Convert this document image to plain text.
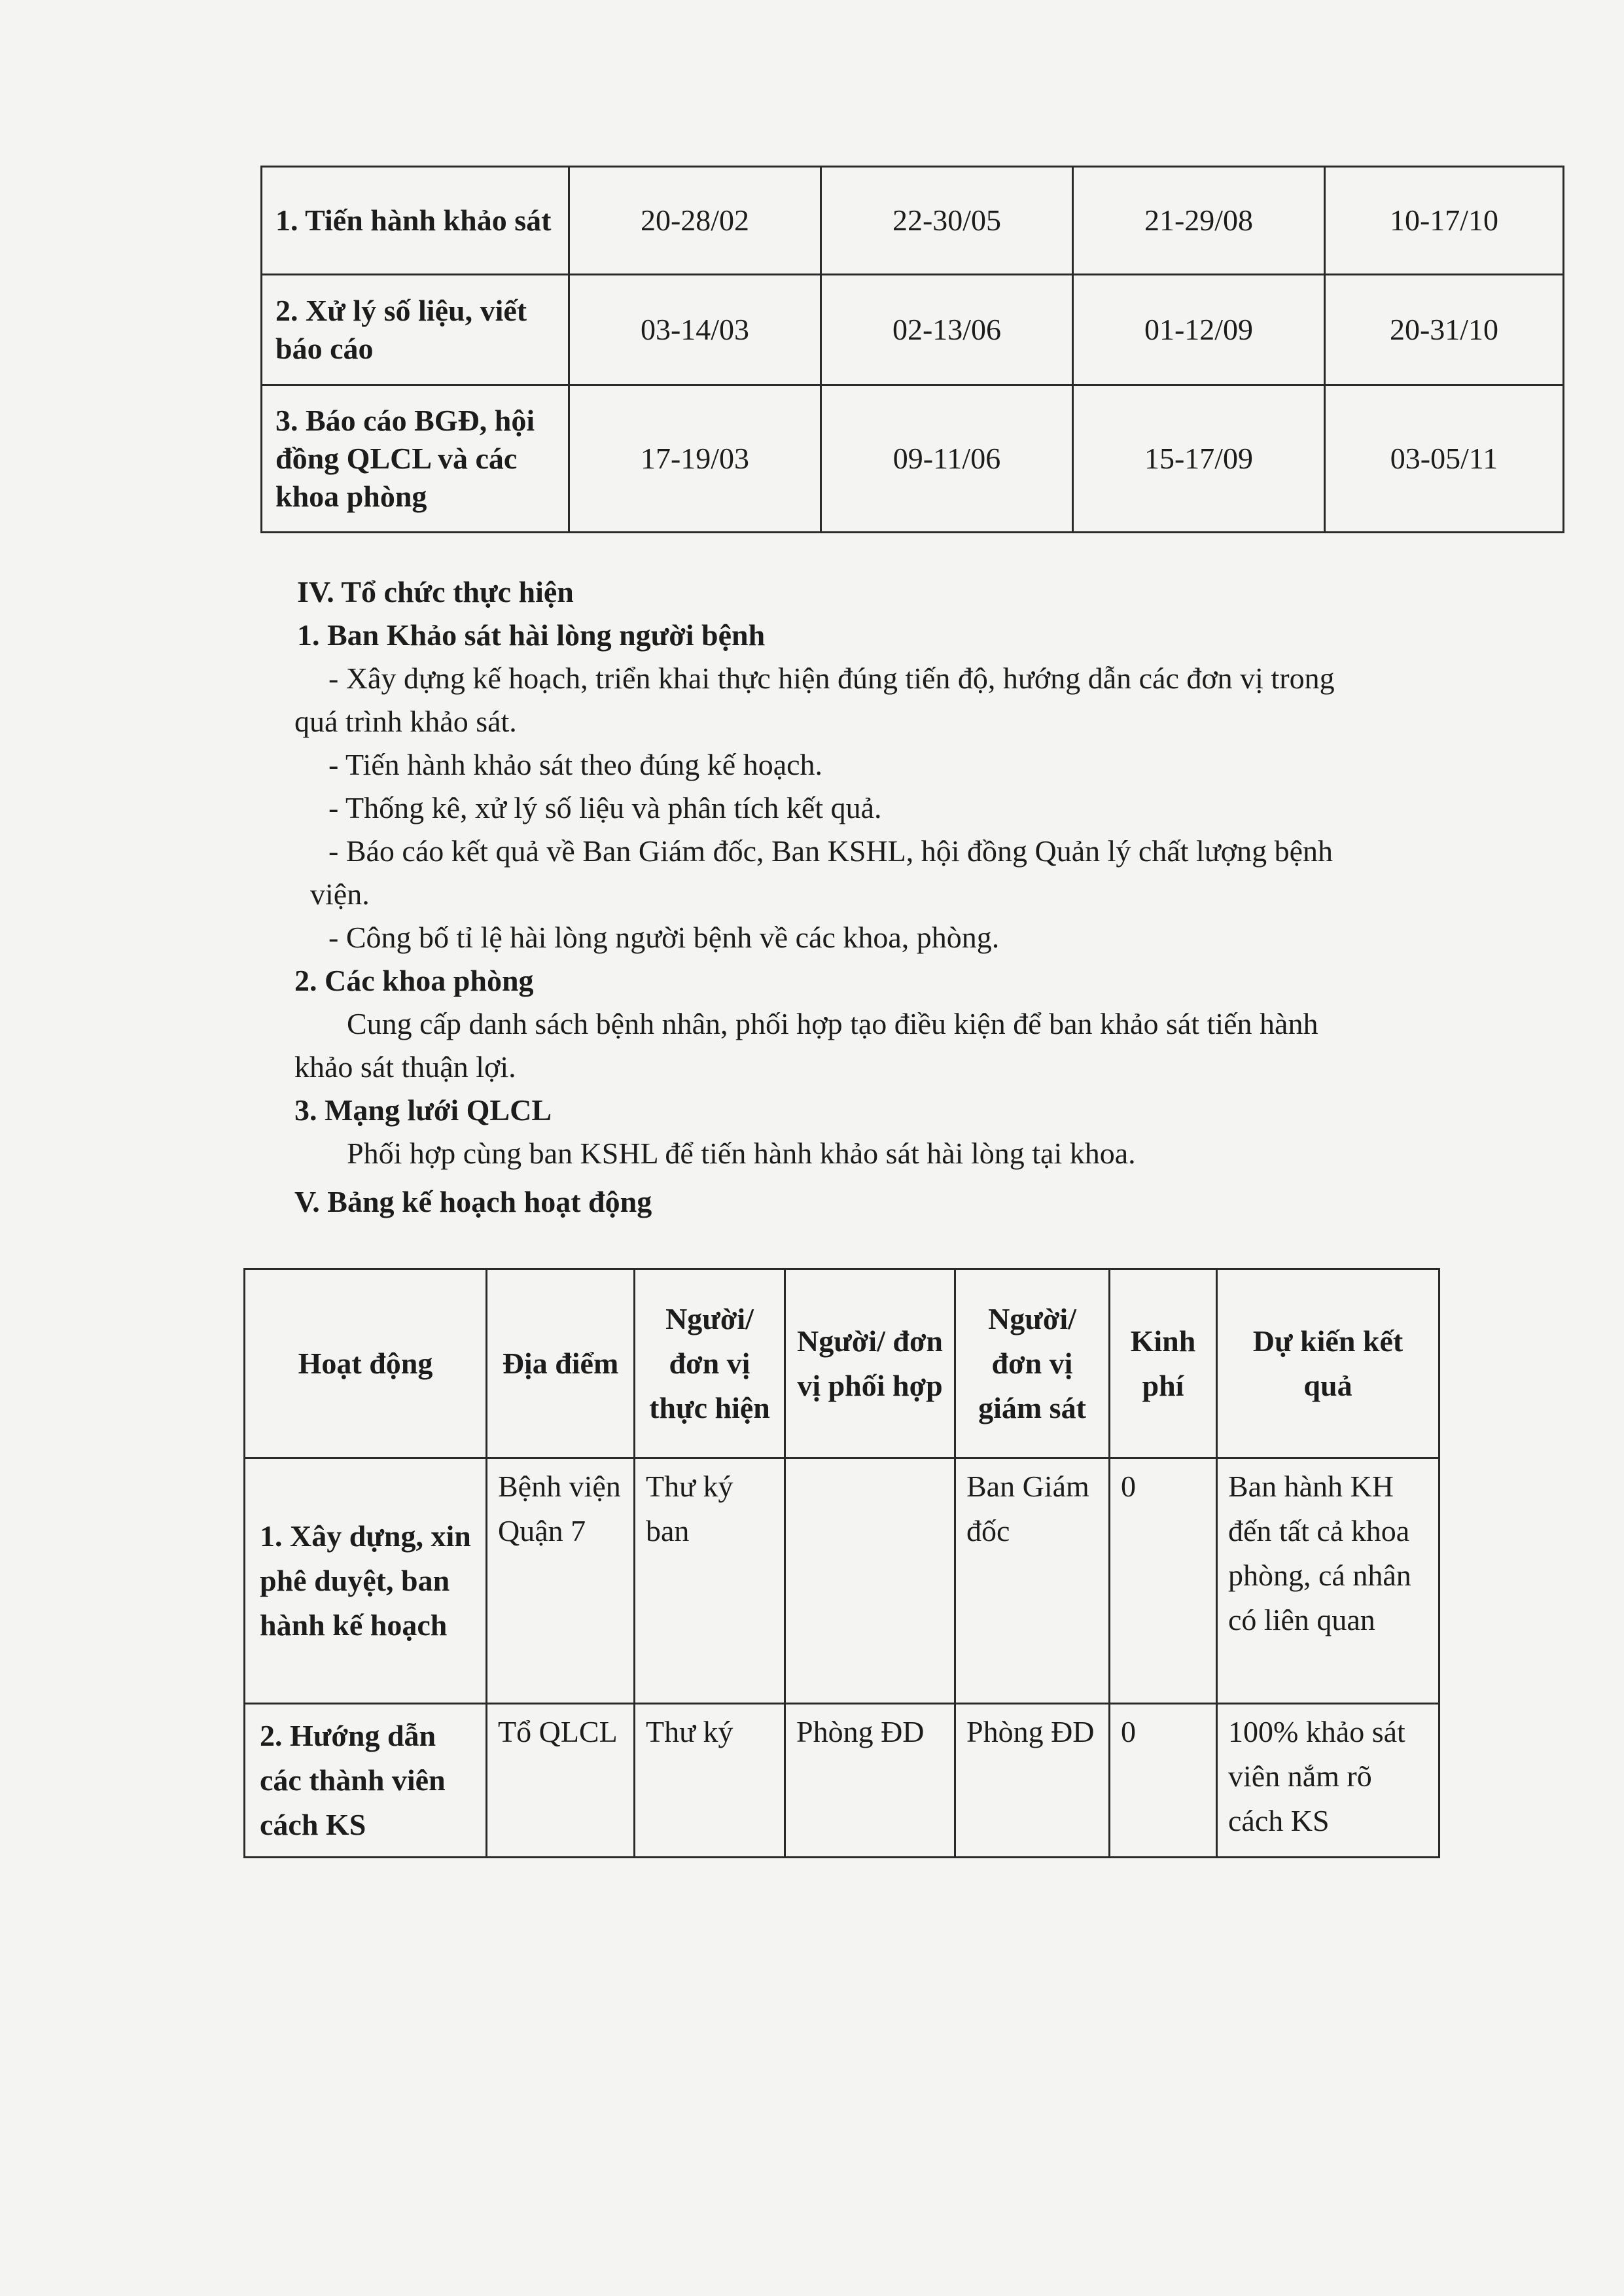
1. Tiến hành khảo sát	20-28/02	22-30/05	21-29/08	10-17/10
2. Xử lý số liệu, viết báo cáo	03-14/03	02-13/06	01-12/09	20-31/10
3. Báo cáo BGĐ, hội đồng QLCL và các khoa phòng	17-19/03	09-11/06	15-17/09	03-05/11
IV. Tổ chức thực hiện
1. Ban Khảo sát hài lòng người bệnh
- Xây dựng kế hoạch, triển khai thực hiện đúng tiến độ, hướng dẫn các đơn vị trong
quá trình khảo sát.
- Tiến hành khảo sát theo đúng kế hoạch.
- Thống kê, xử lý số liệu và phân tích kết quả.
- Báo cáo kết quả về Ban Giám đốc, Ban KSHL, hội đồng Quản lý chất lượng bệnh
viện.
- Công bố tỉ lệ hài lòng người bệnh về các khoa, phòng.
2. Các khoa phòng
Cung cấp danh sách bệnh nhân, phối hợp tạo điều kiện để ban khảo sát tiến hành
khảo sát thuận lợi.
3. Mạng lưới QLCL
Phối hợp cùng ban KSHL để tiến hành khảo sát hài lòng tại khoa.
V. Bảng kế hoạch hoạt động
Hoạt động	Địa điểm	Người/ đơn vị thực hiện	Người/ đơn vị phối hợp	Người/ đơn vị giám sát	Kinh phí	Dự kiến kết quả
1. Xây dựng, xin phê duyệt, ban hành kế hoạch	Bệnh viện Quận 7	Thư ký ban		Ban Giám đốc	0	Ban hành KH đến tất cả khoa phòng, cá nhân có liên quan
2. Hướng dẫn các thành viên cách KS	Tổ QLCL	Thư ký	Phòng ĐD	Phòng ĐD	0	100% khảo sát viên nắm rõ cách KS
